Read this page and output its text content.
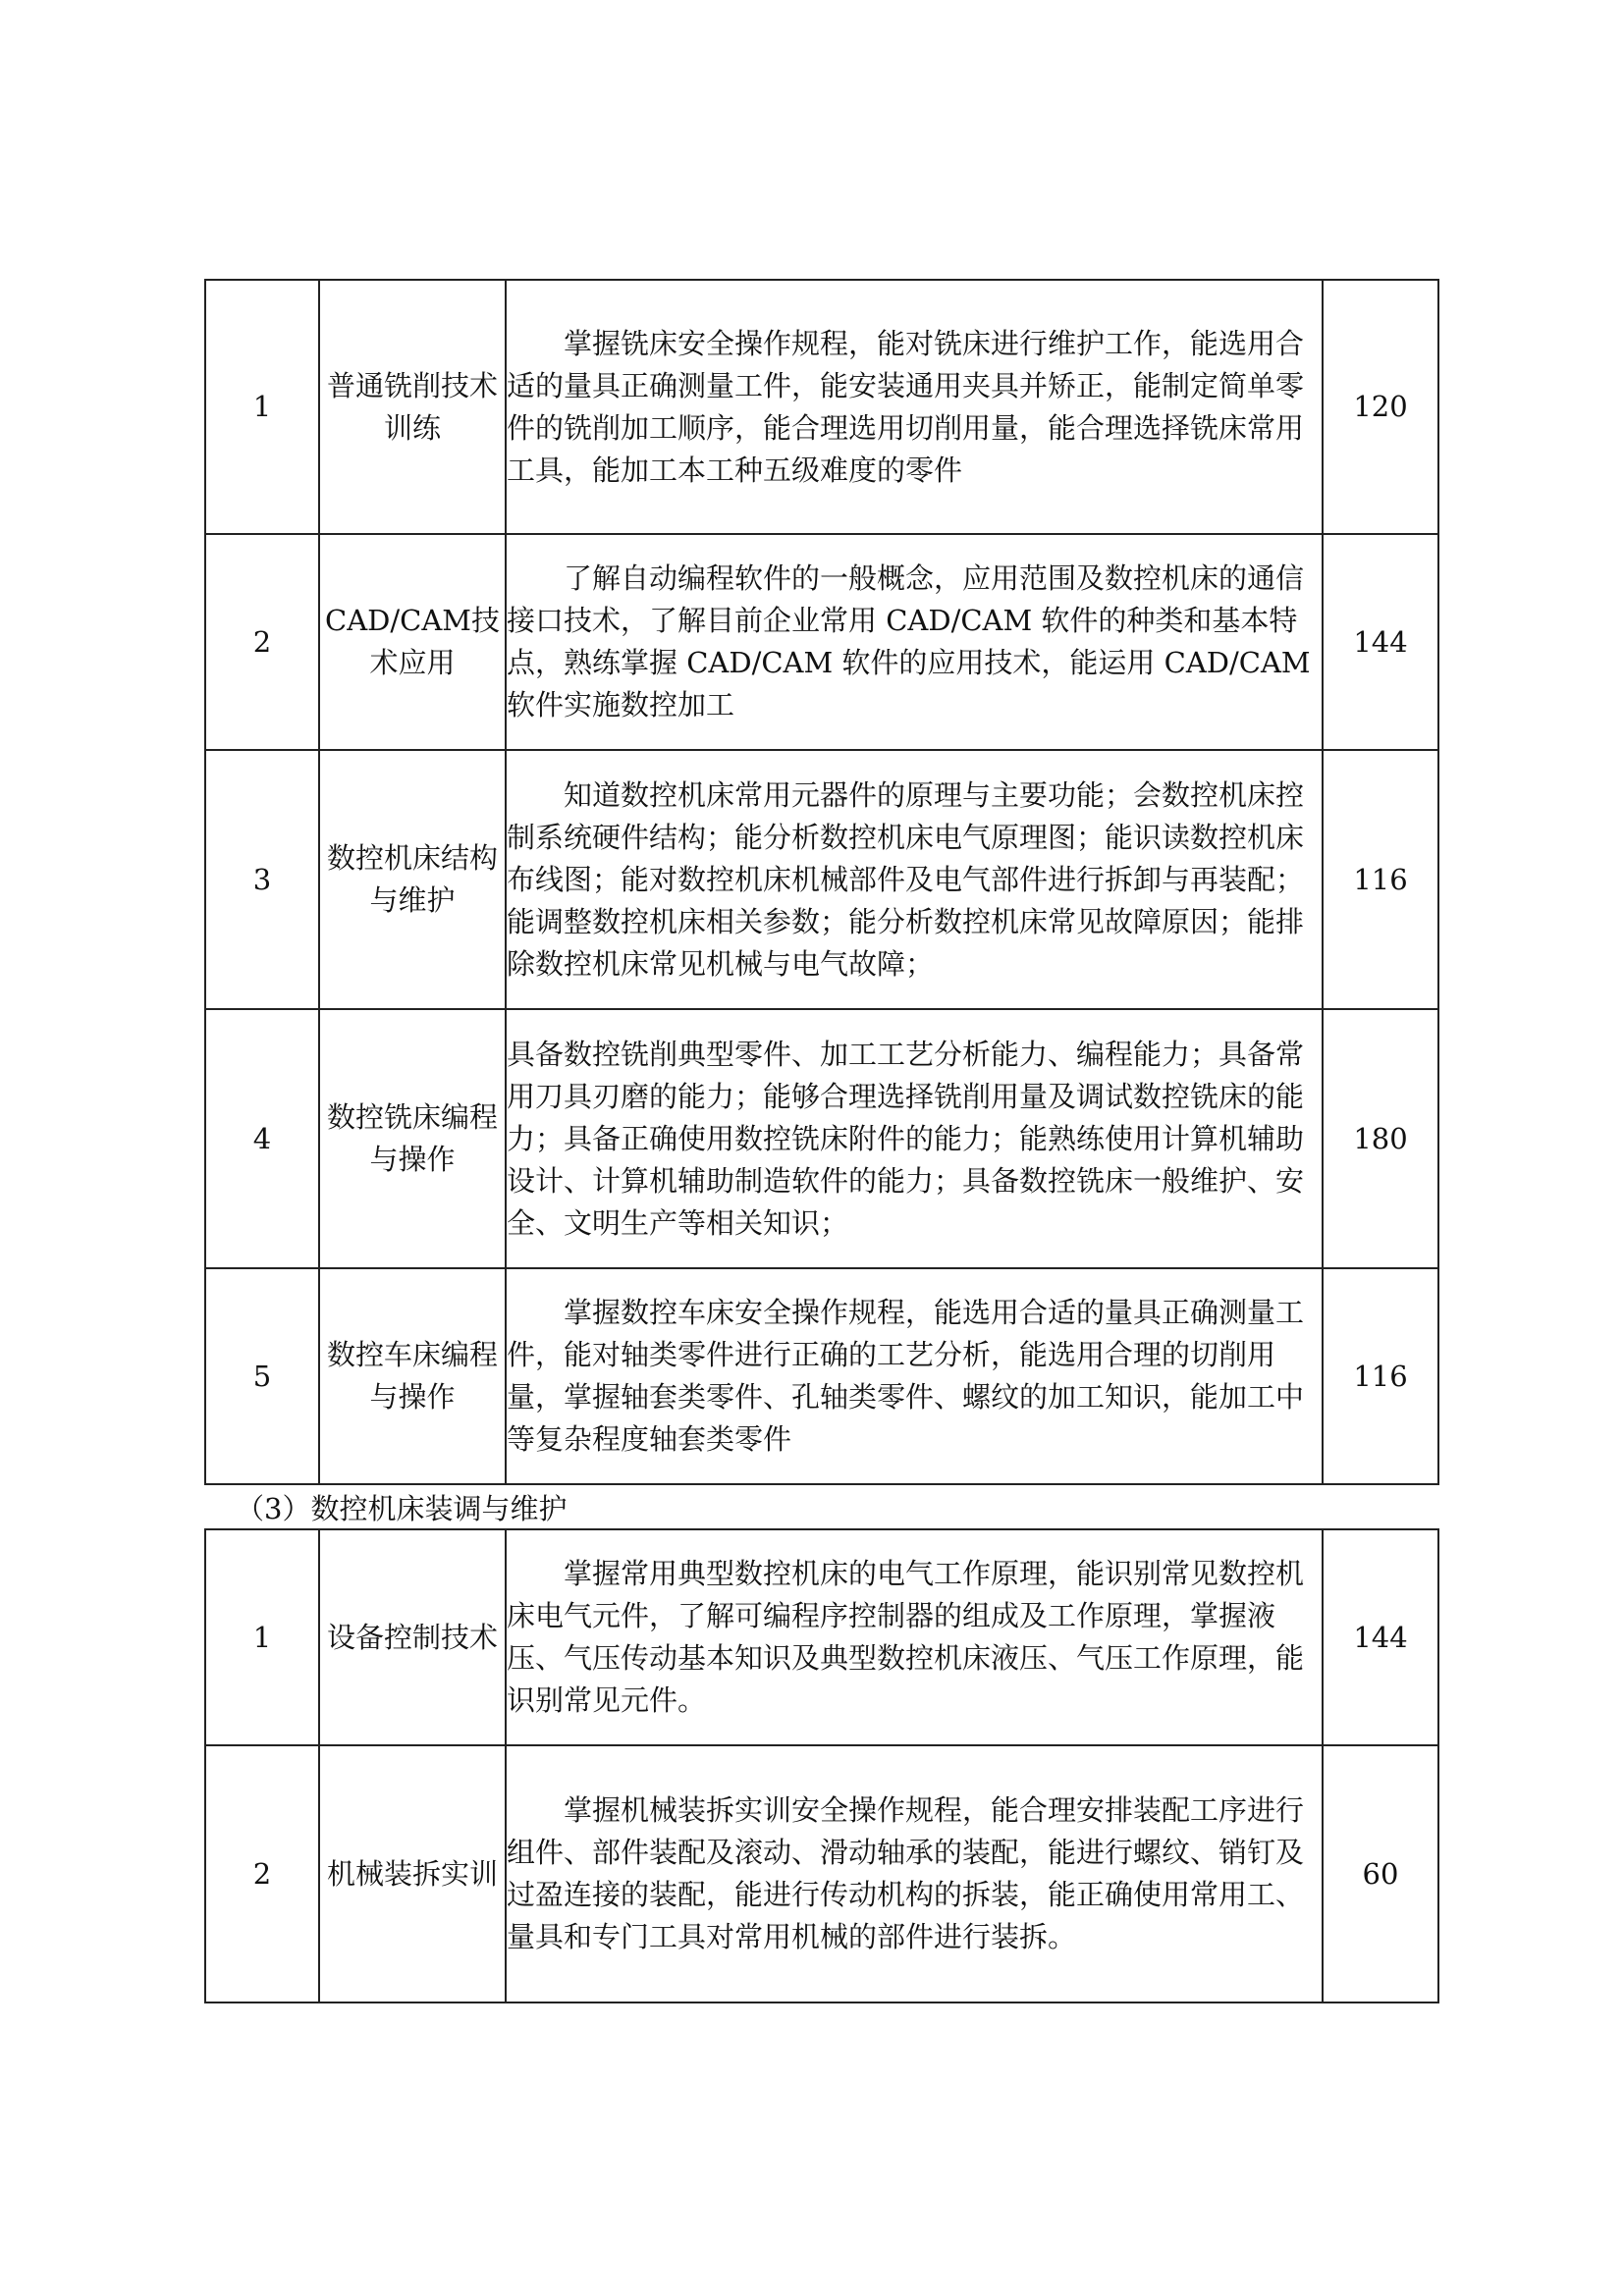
1	普通铣削技术训练	掌握铣床安全操作规程，能对铣床进行维护工作，能选用合适的量具正确测量工件，能安装通用夹具并矫正，能制定简单零件的铣削加工顺序，能合理选用切削用量，能合理选择铣床常用工具，能加工本工种五级难度的零件	120
2	CAD/CAM技术应用	了解自动编程软件的一般概念，应用范围及数控机床的通信接口技术，了解目前企业常用 CAD/CAM 软件的种类和基本特点，熟练掌握 CAD/CAM 软件的应用技术，能运用 CAD/CAM 软件实施数控加工	144
3	数控机床结构与维护	知道数控机床常用元器件的原理与主要功能；会数控机床控制系统硬件结构；能分析数控机床电气原理图；能识读数控机床布线图；能对数控机床机械部件及电气部件进行拆卸与再装配；能调整数控机床相关参数；能分析数控机床常见故障原因；能排除数控机床常见机械与电气故障；	116
4	数控铣床编程与操作	具备数控铣削典型零件、加工工艺分析能力、编程能力；具备常用刀具刃磨的能力；能够合理选择铣削用量及调试数控铣床的能力；具备正确使用数控铣床附件的能力；能熟练使用计算机辅助设计、计算机辅助制造软件的能力；具备数控铣床一般维护、安全、文明生产等相关知识；	180
5	数控车床编程与操作	掌握数控车床安全操作规程，能选用合适的量具正确测量工件，能对轴类零件进行正确的工艺分析，能选用合理的切削用量，掌握轴套类零件、孔轴类零件、螺纹的加工知识，能加工中等复杂程度轴套类零件	116
（3）数控机床装调与维护
1	设备控制技术	掌握常用典型数控机床的电气工作原理，能识别常见数控机床电气元件，了解可编程序控制器的组成及工作原理，掌握液压、气压传动基本知识及典型数控机床液压、气压工作原理，能识别常见元件。	144
2	机械装拆实训	掌握机械装拆实训安全操作规程，能合理安排装配工序进行组件、部件装配及滚动、滑动轴承的装配，能进行螺纹、销钉及过盈连接的装配，能进行传动机构的拆装，能正确使用常用工、量具和专门工具对常用机械的部件进行装拆。	60
